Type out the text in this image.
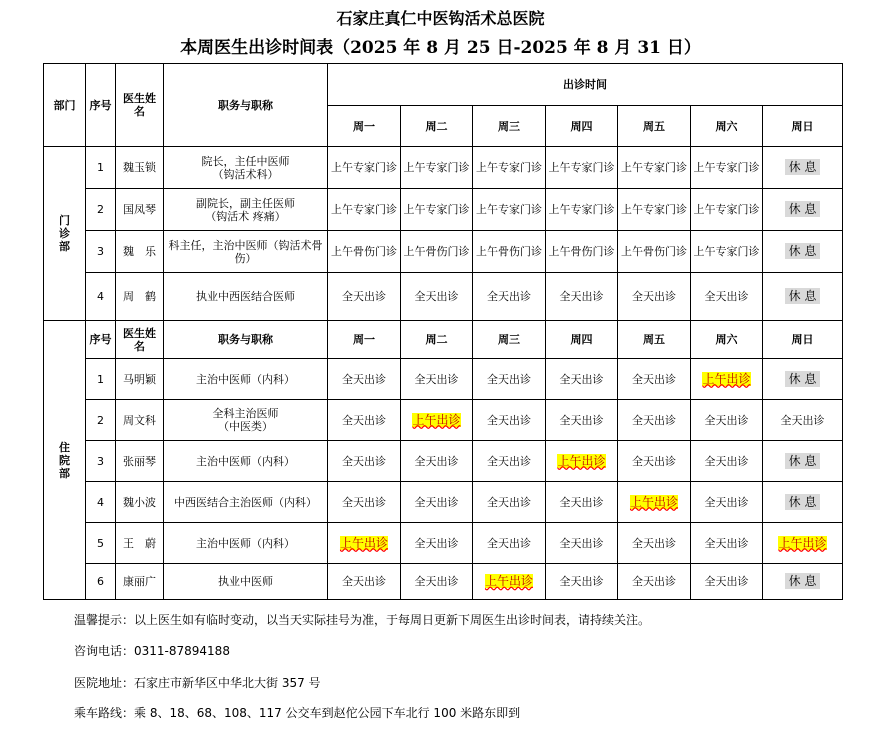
石家庄真仁中医钩活术总医院
本周医生出诊时间表（2025 年 8 月 25 日-2025 年 8 月 31 日）
部门	序号	医生姓名	职务与职称	出诊时间						
				周一	周二	周三	周四	周五	周六	周日

门
诊
部	1	魏玉锁	院长，主任中医师
（钩活术科）	上午专家门诊	上午专家门诊	上午专家门诊	上午专家门诊	上午专家门诊	上午专家门诊	休 息
	2	国凤琴	副院长，副主任医师
（钩活术 疼痛）	上午专家门诊	上午专家门诊	上午专家门诊	上午专家门诊	上午专家门诊	上午专家门诊	休 息
	3	魏　乐	科主任，主治中医师（钩活术骨伤）	上午骨伤门诊	上午骨伤门诊	上午骨伤门诊	上午骨伤门诊	上午骨伤门诊	上午专家门诊	休 息
	4	周　鹤	执业中西医结合医师	全天出诊	全天出诊	全天出诊	全天出诊	全天出诊	全天出诊	休 息

住
院
部	序号	医生姓名	职务与职称	周一	周二	周三	周四	周五	周六	周日
	1	马明颖	主治中医师（内科）	全天出诊	全天出诊	全天出诊	全天出诊	全天出诊	上午出诊	休 息
	2	周文科	全科主治医师
（中医类）	全天出诊	上午出诊	全天出诊	全天出诊	全天出诊	全天出诊	全天出诊
	3	张丽琴	主治中医师（内科）	全天出诊	全天出诊	全天出诊	上午出诊	全天出诊	全天出诊	休 息
	4	魏小波	中西医结合主治医师（内科）	全天出诊	全天出诊	全天出诊	全天出诊	上午出诊	全天出诊	休 息
	5	王　蔚	主治中医师（内科）	上午出诊	全天出诊	全天出诊	全天出诊	全天出诊	全天出诊	上午出诊
	6	康丽广	执业中医师	全天出诊	全天出诊	上午出诊	全天出诊	全天出诊	全天出诊	休 息
温馨提示：以上医生如有临时变动，以当天实际挂号为准，于每周日更新下周医生出诊时间表，请持续关注。
咨询电话：0311-87894188
医院地址：石家庄市新华区中华北大街 357 号
乘车路线：乘 8、18、68、108、117 公交车到赵佗公园下车北行 100 米路东即到
